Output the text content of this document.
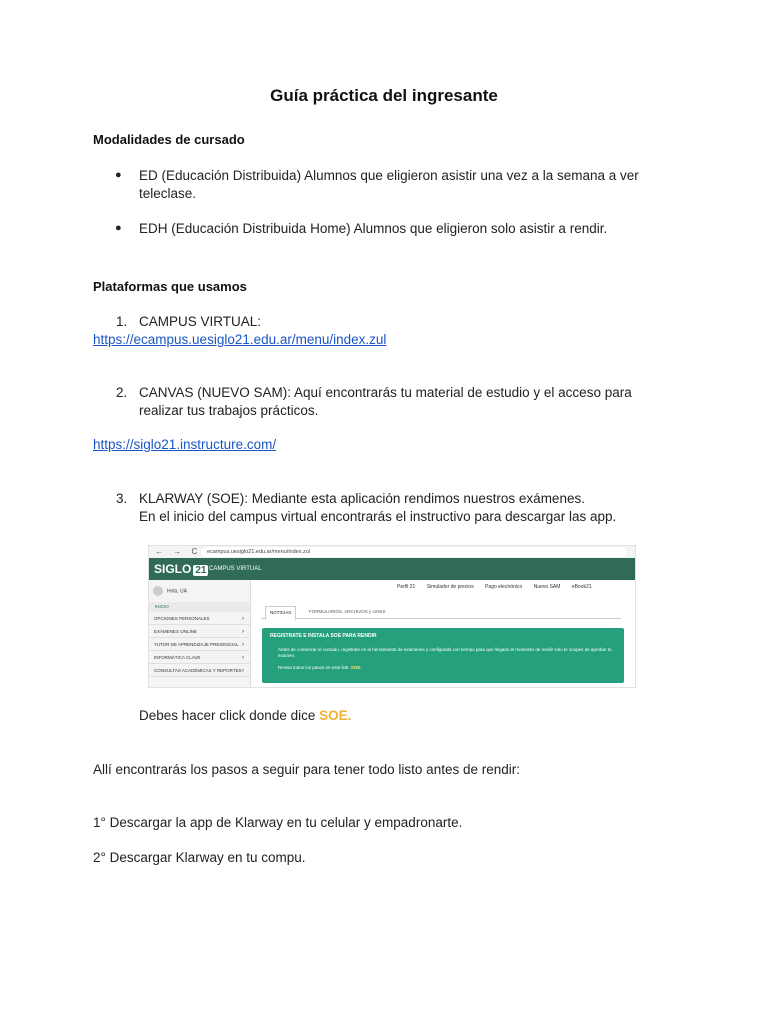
Guía práctica del ingresante
Modalidades de cursado
● ED (Educación Distribuida) Alumnos que eligieron asistir una vez a la semana a ver
teleclase.
● EDH (Educación Distribuida Home) Alumnos que eligieron solo asistir a rendir.
Plataformas que usamos
1. CAMPUS VIRTUAL:
https://ecampus.uesiglo21.edu.ar/menu/index.zul
2. CANVAS (NUEVO SAM): Aquí encontrarás tu material de estudio y el acceso para
realizar tus trabajos prácticos.
https://siglo21.instructure.com/
3. KLARWAY (SOE): Mediante esta aplicación rendimos nuestros exámenes.
En el inicio del campus virtual encontrarás el instructivo para descargar las app.
← → C	ecampus.uesiglo21.edu.ar/menu/index.zul
SIGLO 21 CAMPUS VIRTUAL
Perfil 21 Simulador de precios Pago electrónico Nuevo SAM eBook21
Hola, UA
INICIO
OPCIONES PERSONALES ›
EXÁMENES ONLINE ›
TUTOR DE APRENDIZAJE PRESENCIAL ›
INFORMÁTICA CLAVE ›
CONSULTAS ACADÉMICAS Y REPORTES ›
NOTICIAS	FORMULARIOS, ARCHIVOS y LINKS
REGISTRATE E INSTALA SOE PARA RENDIR
Antes de comenzar el cursado, registrate en la herramienta de exámenes y configúrala con tiempo para que llegado el momento de rendir solo te ocupes de aprobar tu examen.
Revisa todos los pasos en este link: SOE.
Debes hacer click donde dice SOE.
Allí encontrarás los pasos a seguir para tener todo listo antes de rendir:
1° Descargar la app de Klarway en tu celular y empadronarte.
2° Descargar Klarway en tu compu.
